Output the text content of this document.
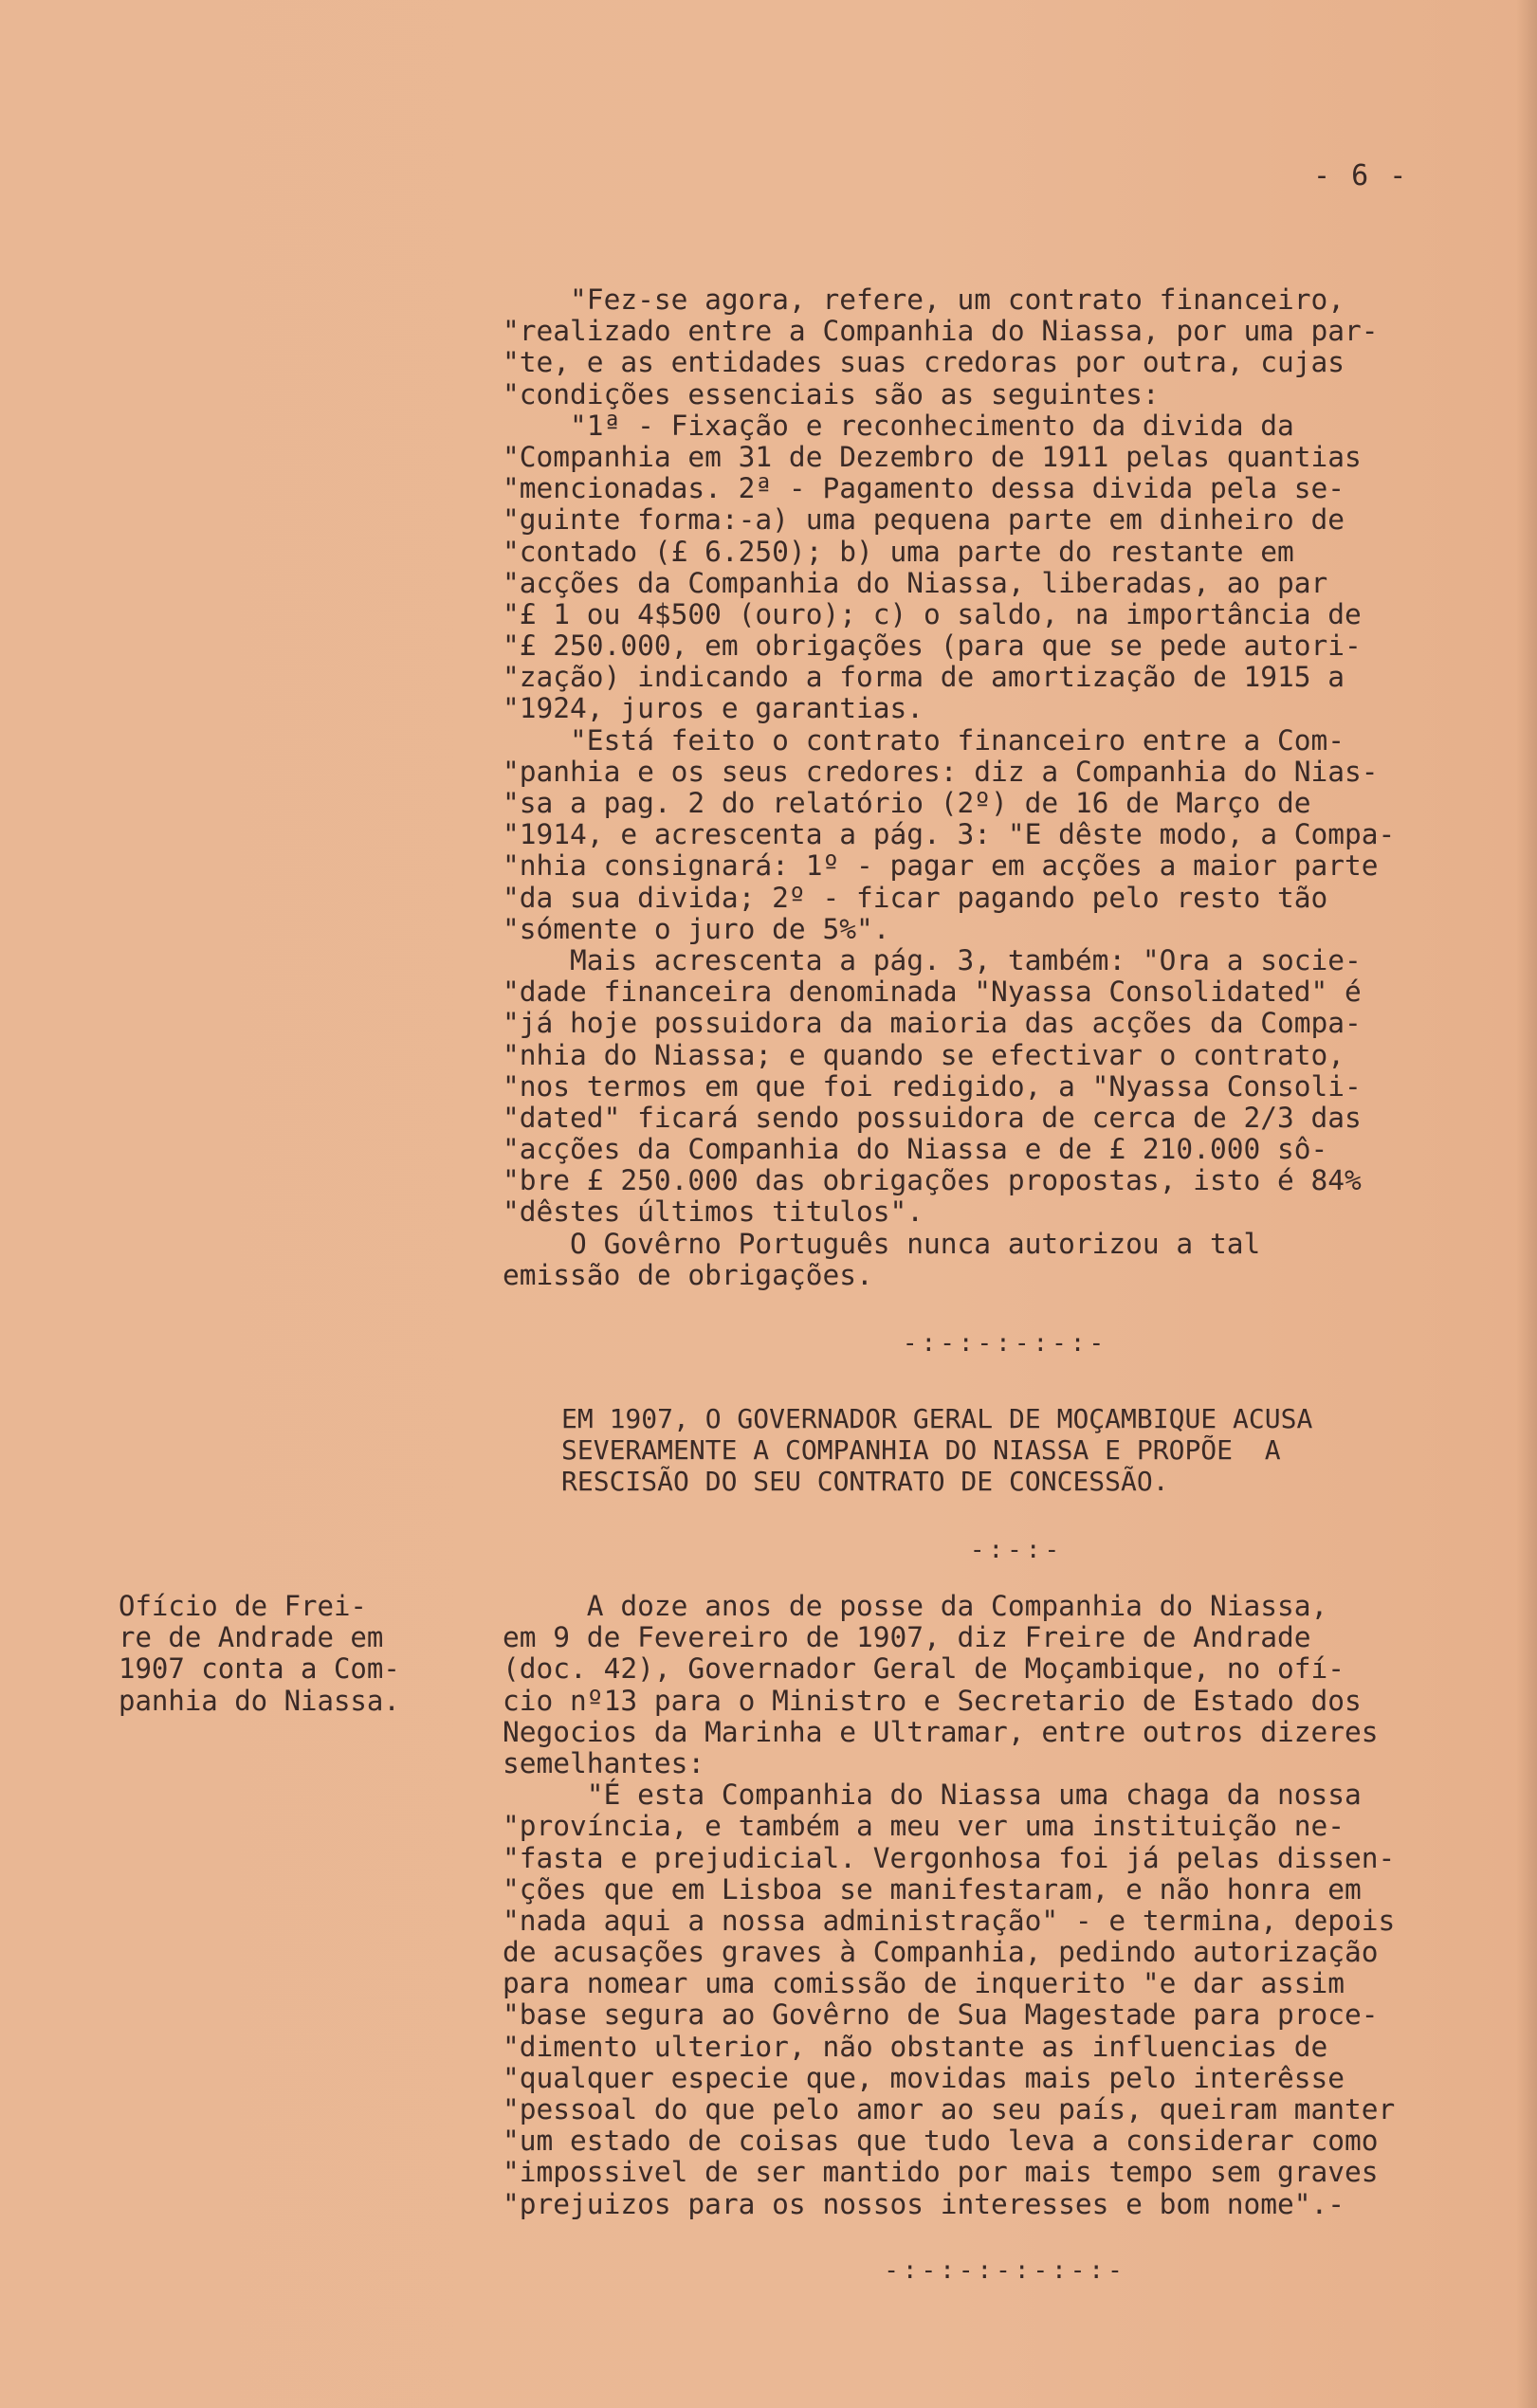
- 6 -
"Fez-se agora, refere, um contrato financeiro,
"realizado entre a Companhia do Niassa, por uma par-
"te, e as entidades suas credoras por outra, cujas
"condições essenciais são as seguintes:
"1ª - Fixação e reconhecimento da divida da
"Companhia em 31 de Dezembro de 1911 pelas quantias
"mencionadas. 2ª - Pagamento dessa divida pela se-
"guinte forma:-a) uma pequena parte em dinheiro de
"contado (£ 6.250); b) uma parte do restante em
"acções da Companhia do Niassa, liberadas, ao par
"£ 1 ou 4$500 (ouro); c) o saldo, na importância de
"£ 250.000, em obrigações (para que se pede autori-
"zação) indicando a forma de amortização de 1915 a
"1924, juros e garantias.
"Está feito o contrato financeiro entre a Com-
"panhia e os seus credores: diz a Companhia do Nias-
"sa a pag. 2 do relatório (2º) de 16 de Março de
"1914, e acrescenta a pág. 3: "E dêste modo, a Compa-
"nhia consignará: 1º - pagar em acções a maior parte
"da sua divida; 2º - ficar pagando pelo resto tão
"sómente o juro de 5%".
Mais acrescenta a pág. 3, também: "Ora a socie-
"dade financeira denominada "Nyassa Consolidated" é
"já hoje possuidora da maioria das acções da Compa-
"nhia do Niassa; e quando se efectivar o contrato,
"nos termos em que foi redigido, a "Nyassa Consoli-
"dated" ficará sendo possuidora de cerca de 2/3 das
"acções da Companhia do Niassa e de £ 210.000 sô-
"bre £ 250.000 das obrigações propostas, isto é 84%
"dêstes últimos titulos".
O Govêrno Português nunca autorizou a tal
emissão de obrigações.
-:-:-:-:-:-
EM 1907, O GOVERNADOR GERAL DE MOÇAMBIQUE ACUSA
SEVERAMENTE A COMPANHIA DO NIASSA E PROPÕE  A
RESCISÃO DO SEU CONTRATO DE CONCESSÃO.
-:-:-
Ofício de Frei-
re de Andrade em
1907 conta a Com-
panhia do Niassa.
A doze anos de posse da Companhia do Niassa,
em 9 de Fevereiro de 1907, diz Freire de Andrade
(doc. 42), Governador Geral de Moçambique, no ofí-
cio nº13 para o Ministro e Secretario de Estado dos
Negocios da Marinha e Ultramar, entre outros dizeres
semelhantes:
"É esta Companhia do Niassa uma chaga da nossa
"província, e também a meu ver uma instituição ne-
"fasta e prejudicial. Vergonhosa foi já pelas dissen-
"ções que em Lisboa se manifestaram, e não honra em
"nada aqui a nossa administração" - e termina, depois
de acusações graves à Companhia, pedindo autorização
para nomear uma comissão de inquerito "e dar assim
"base segura ao Govêrno de Sua Magestade para proce-
"dimento ulterior, não obstante as influencias de
"qualquer especie que, movidas mais pelo interêsse
"pessoal do que pelo amor ao seu país, queiram manter
"um estado de coisas que tudo leva a considerar como
"impossivel de ser mantido por mais tempo sem graves
"prejuizos para os nossos interesses e bom nome".-
-:-:-:-:-:-:-
